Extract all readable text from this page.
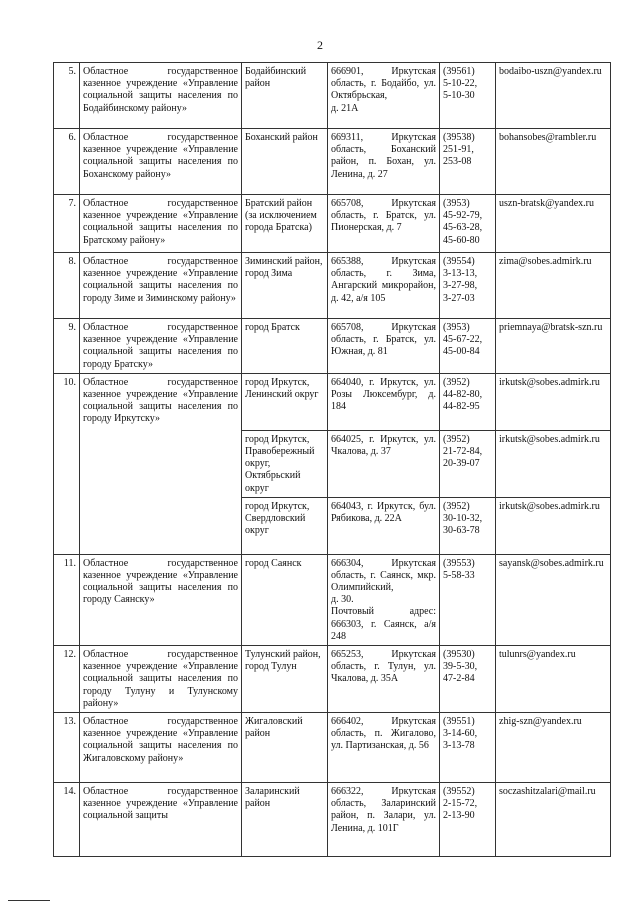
2
5.	Областное государственное казенное учреждение «Управление социальной защиты населения по Бодайбинскому району»	Бодайбинский район	666901, Иркутская область, г. Бодайбо, ул. Октябрьская,
д. 21А	(39561)
5-10-22,
5-10-30	bodaibo-uszn@yandex.ru

6.	Областное государственное казенное учреждение «Управление социальной защиты населения по Боханскому району»	Боханский район	669311, Иркутская область, Боханский район, п. Бохан, ул. Ленина, д. 27	(39538)
251-91,
253-08	bohansobes@rambler.ru

7.	Областное государственное казенное учреждение «Управление социальной защиты населения по Братскому району»	Братский район (за исключением города Братска)	665708, Иркутская область, г. Братск, ул. Пионерская, д. 7	(3953)
45-92-79,
45-63-28,
45-60-80	uszn-bratsk@yandex.ru

8.	Областное государственное казенное учреждение «Управление социальной защиты населения по городу Зиме и Зиминскому району»	Зиминский район, город Зима	665388, Иркутская область, г. Зима, Ангарский микрорайон, д. 42, а/я 105	(39554)
3-13-13,
3-27-98,
3-27-03	zima@sobes.admirk.ru

9.	Областное государственное казенное учреждение «Управление социальной защиты населения по городу Братску»	город Братск	665708, Иркутская область, г. Братск, ул. Южная, д. 81	(3953)
45-67-22,
45-00-84	priemnaya@bratsk-szn.ru

10.	Областное государственное казенное учреждение «Управление социальной защиты населения по городу Иркутску»	город Иркутск, Ленинский округ	664040, г. Иркутск, ул. Розы Люксембург, д. 184	(3952)
44-82-80,
44-82-95	irkutsk@sobes.admirk.ru

		город Иркутск, Правобережный округ, Октябрьский округ	664025, г. Иркутск, ул. Чкалова, д. 37	(3952)
21-72-84,
20-39-07	irkutsk@sobes.admirk.ru

		город Иркутск, Свердловский округ	664043, г. Иркутск, бул. Рябикова, д. 22А	(3952)
30-10-32,
30-63-78	irkutsk@sobes.admirk.ru

11.	Областное государственное казенное учреждение «Управление социальной защиты населения по городу Саянску»	город Саянск	666304, Иркутская область, г. Саянск, мкр. Олимпийский,
д. 30.
Почтовый адрес: 666303, г. Саянск, а/я 248	(39553)
5-58-33	sayansk@sobes.admirk.ru

12.	Областное государственное казенное учреждение «Управление социальной защиты населения по городу Тулуну и Тулунскому району»	Тулунский район, город Тулун	665253, Иркутская область, г. Тулун, ул. Чкалова, д. 35А	(39530)
39-5-30,
47-2-84	tulunrs@yandex.ru

13.	Областное государственное казенное учреждение «Управление социальной защиты населения по Жигаловскому району»	Жигаловский район	666402, Иркутская область, п. Жигалово, ул. Партизанская, д. 56	(39551)
3-14-60,
3-13-78	zhig-szn@yandex.ru

14.	Областное государственное казенное учреждение «Управление социальной защиты	Заларинский район	666322, Иркутская область, Заларинский район, п. Залари, ул. Ленина, д. 101Г	(39552)
2-15-72,
2-13-90	soczashitzalari@mail.ru
